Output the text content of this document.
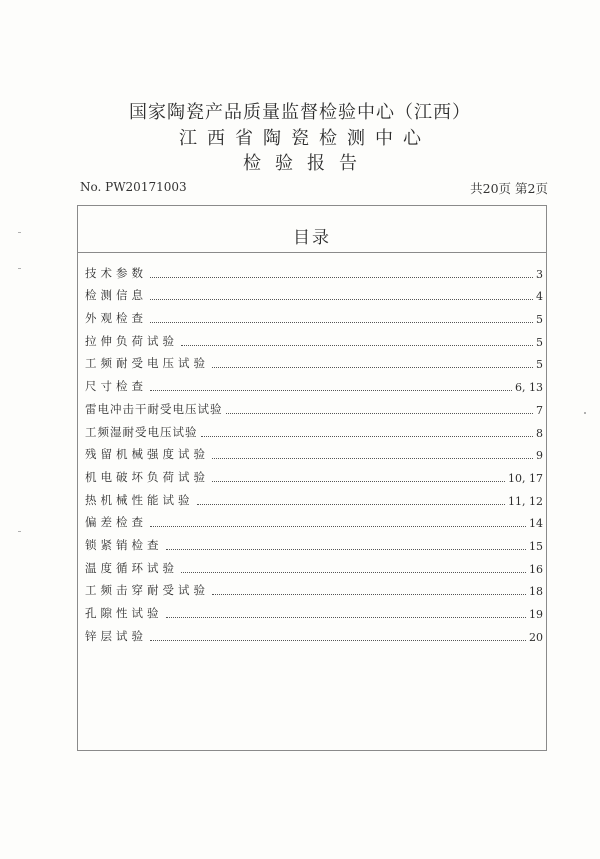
国家陶瓷产品质量监督检验中心（江西）
江西省陶瓷检测中心
检验报告
No. PW20171003	共20页 第2页
目录
技术参数	3
检测信息	4
外观检查	5
拉伸负荷试验	5
工频耐受电压试验	5
尺寸检查	6, 13
雷电冲击干耐受电压试验	7
工频湿耐受电压试验	8
残留机械强度试验	9
机电破坏负荷试验	10, 17
热机械性能试验	11, 12
偏差检查	14
锁紧销检查	15
温度循环试验	16
工频击穿耐受试验	18
孔隙性试验	19
锌层试验	20
